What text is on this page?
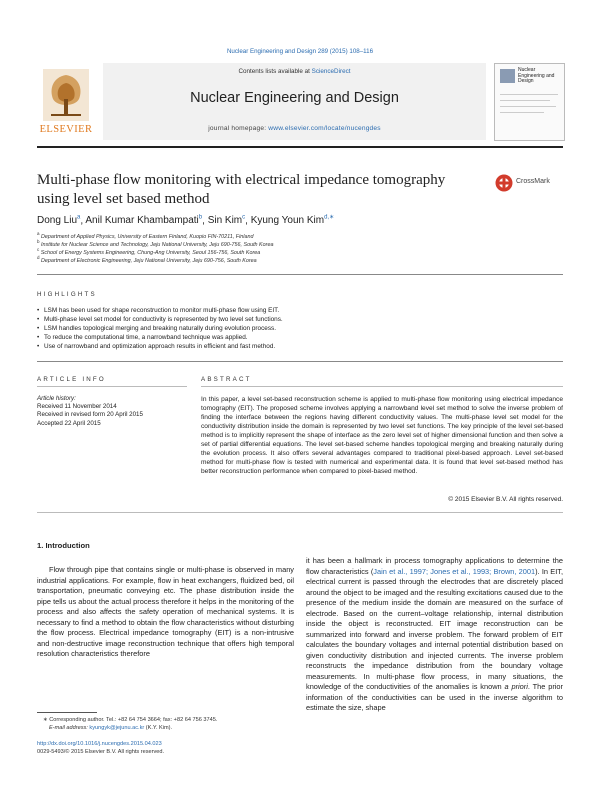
Nuclear Engineering and Design 289 (2015) 108–116
ELSEVIER
Contents lists available at ScienceDirect
Nuclear Engineering and Design
journal homepage: www.elsevier.com/locate/nucengdes
Nuclear Engineering and Design
Multi-phase flow monitoring with electrical impedance tomography using level set based method
CrossMark
Dong Liu$^a$, Anil Kumar Khambampati$^b$, Sin Kim$^c$, Kyung Youn Kim$^{d,∗}$
$^a$ Department of Applied Physics, University of Eastern Finland, Kuopio FIN-70211, Finland
$^b$ Institute for Nuclear Science and Technology, Jeju National University, Jeju 690-756, South Korea
$^c$ School of Energy Systems Engineering, Chung-Ang University, Seoul 156-756, South Korea
$^d$ Department of Electronic Engineering, Jeju National University, Jeju 690-756, South Korea
HIGHLIGHTS
• LSM has been used for shape reconstruction to monitor multi-phase flow using EIT.
• Multi-phase level set model for conductivity is represented by two level set functions.
• LSM handles topological merging and breaking naturally during evolution process.
• To reduce the computational time, a narrowband technique was applied.
• Use of narrowband and optimization approach results in efficient and fast method.
ARTICLE INFO	ABSTRACT
Article history:
Received 11 November 2014
Received in revised form 20 April 2015
Accepted 22 April 2015
In this paper, a level set-based reconstruction scheme is applied to multi-phase flow monitoring using electrical impedance tomography (EIT). The proposed scheme involves applying a narrowband level set method to solve the inverse problem of finding the interface between the regions having different conductivity values. The multi-phase level set model for the conductivity distribution inside the domain is represented by two level set functions. The key principle of the level set-based method is to implicitly represent the shape of interface as the zero level set of higher dimensional function and then solve a set of partial differential equations. The level set-based scheme handles topological merging and breaking naturally during the evolution process. It also offers several advantages compared to traditional pixel-based approach. Level set-based method for multi-phase flow is tested with numerical and experimental data. It is found that level set-based method has better reconstruction performance when compared to pixel-based method.
© 2015 Elsevier B.V. All rights reserved.
1. Introduction
Flow through pipe that contains single or multi-phase is observed in many industrial applications. For example, flow in heat exchangers, fluidized bed, oil transportation, pneumatic conveying etc. The phase distribution inside the pipe tells us about the actual process therefore it helps in the monitoring of the process and also affects the safety operation of mechanical systems. It is necessary to find a method to obtain the flow characteristics without disturbing the flow process. Electrical impedance tomography (EIT) is a non-intrusive and non-destructive image reconstruction technique that offers high temporal resolution characteristics therefore
it has been a hallmark in process tomography applications to determine the flow characteristics (Jain et al., 1997; Jones et al., 1993; Brown, 2001). In EIT, electrical current is passed through the electrodes that are discretely placed around the object to be imaged and the resulting excitations caused due to the presence of the medium inside the domain are measured on the surface of electrode. Based on the current–voltage relationship, internal distribution inside the object is reconstructed. EIT image reconstruction can be summarized into forward and inverse problem. The forward problem of EIT calculates the boundary voltages and internal potential distribution based on given conductivity distribution and injected currents. The inverse problem reconstructs the impedance distribution from the boundary voltage measurements. In multi-phase flow process, in many situations, the knowledge of the conductivities of the anomalies is known a priori. The prior information of the conductivities can be used in the inverse algorithm to estimate the size, shape
∗ Corresponding author. Tel.: +82 64 754 3664; fax: +82 64 756 3745.
E-mail address: kyungyk@jejunu.ac.kr (K.Y. Kim).
http://dx.doi.org/10.1016/j.nucengdes.2015.04.023
0029-5493/© 2015 Elsevier B.V. All rights reserved.
